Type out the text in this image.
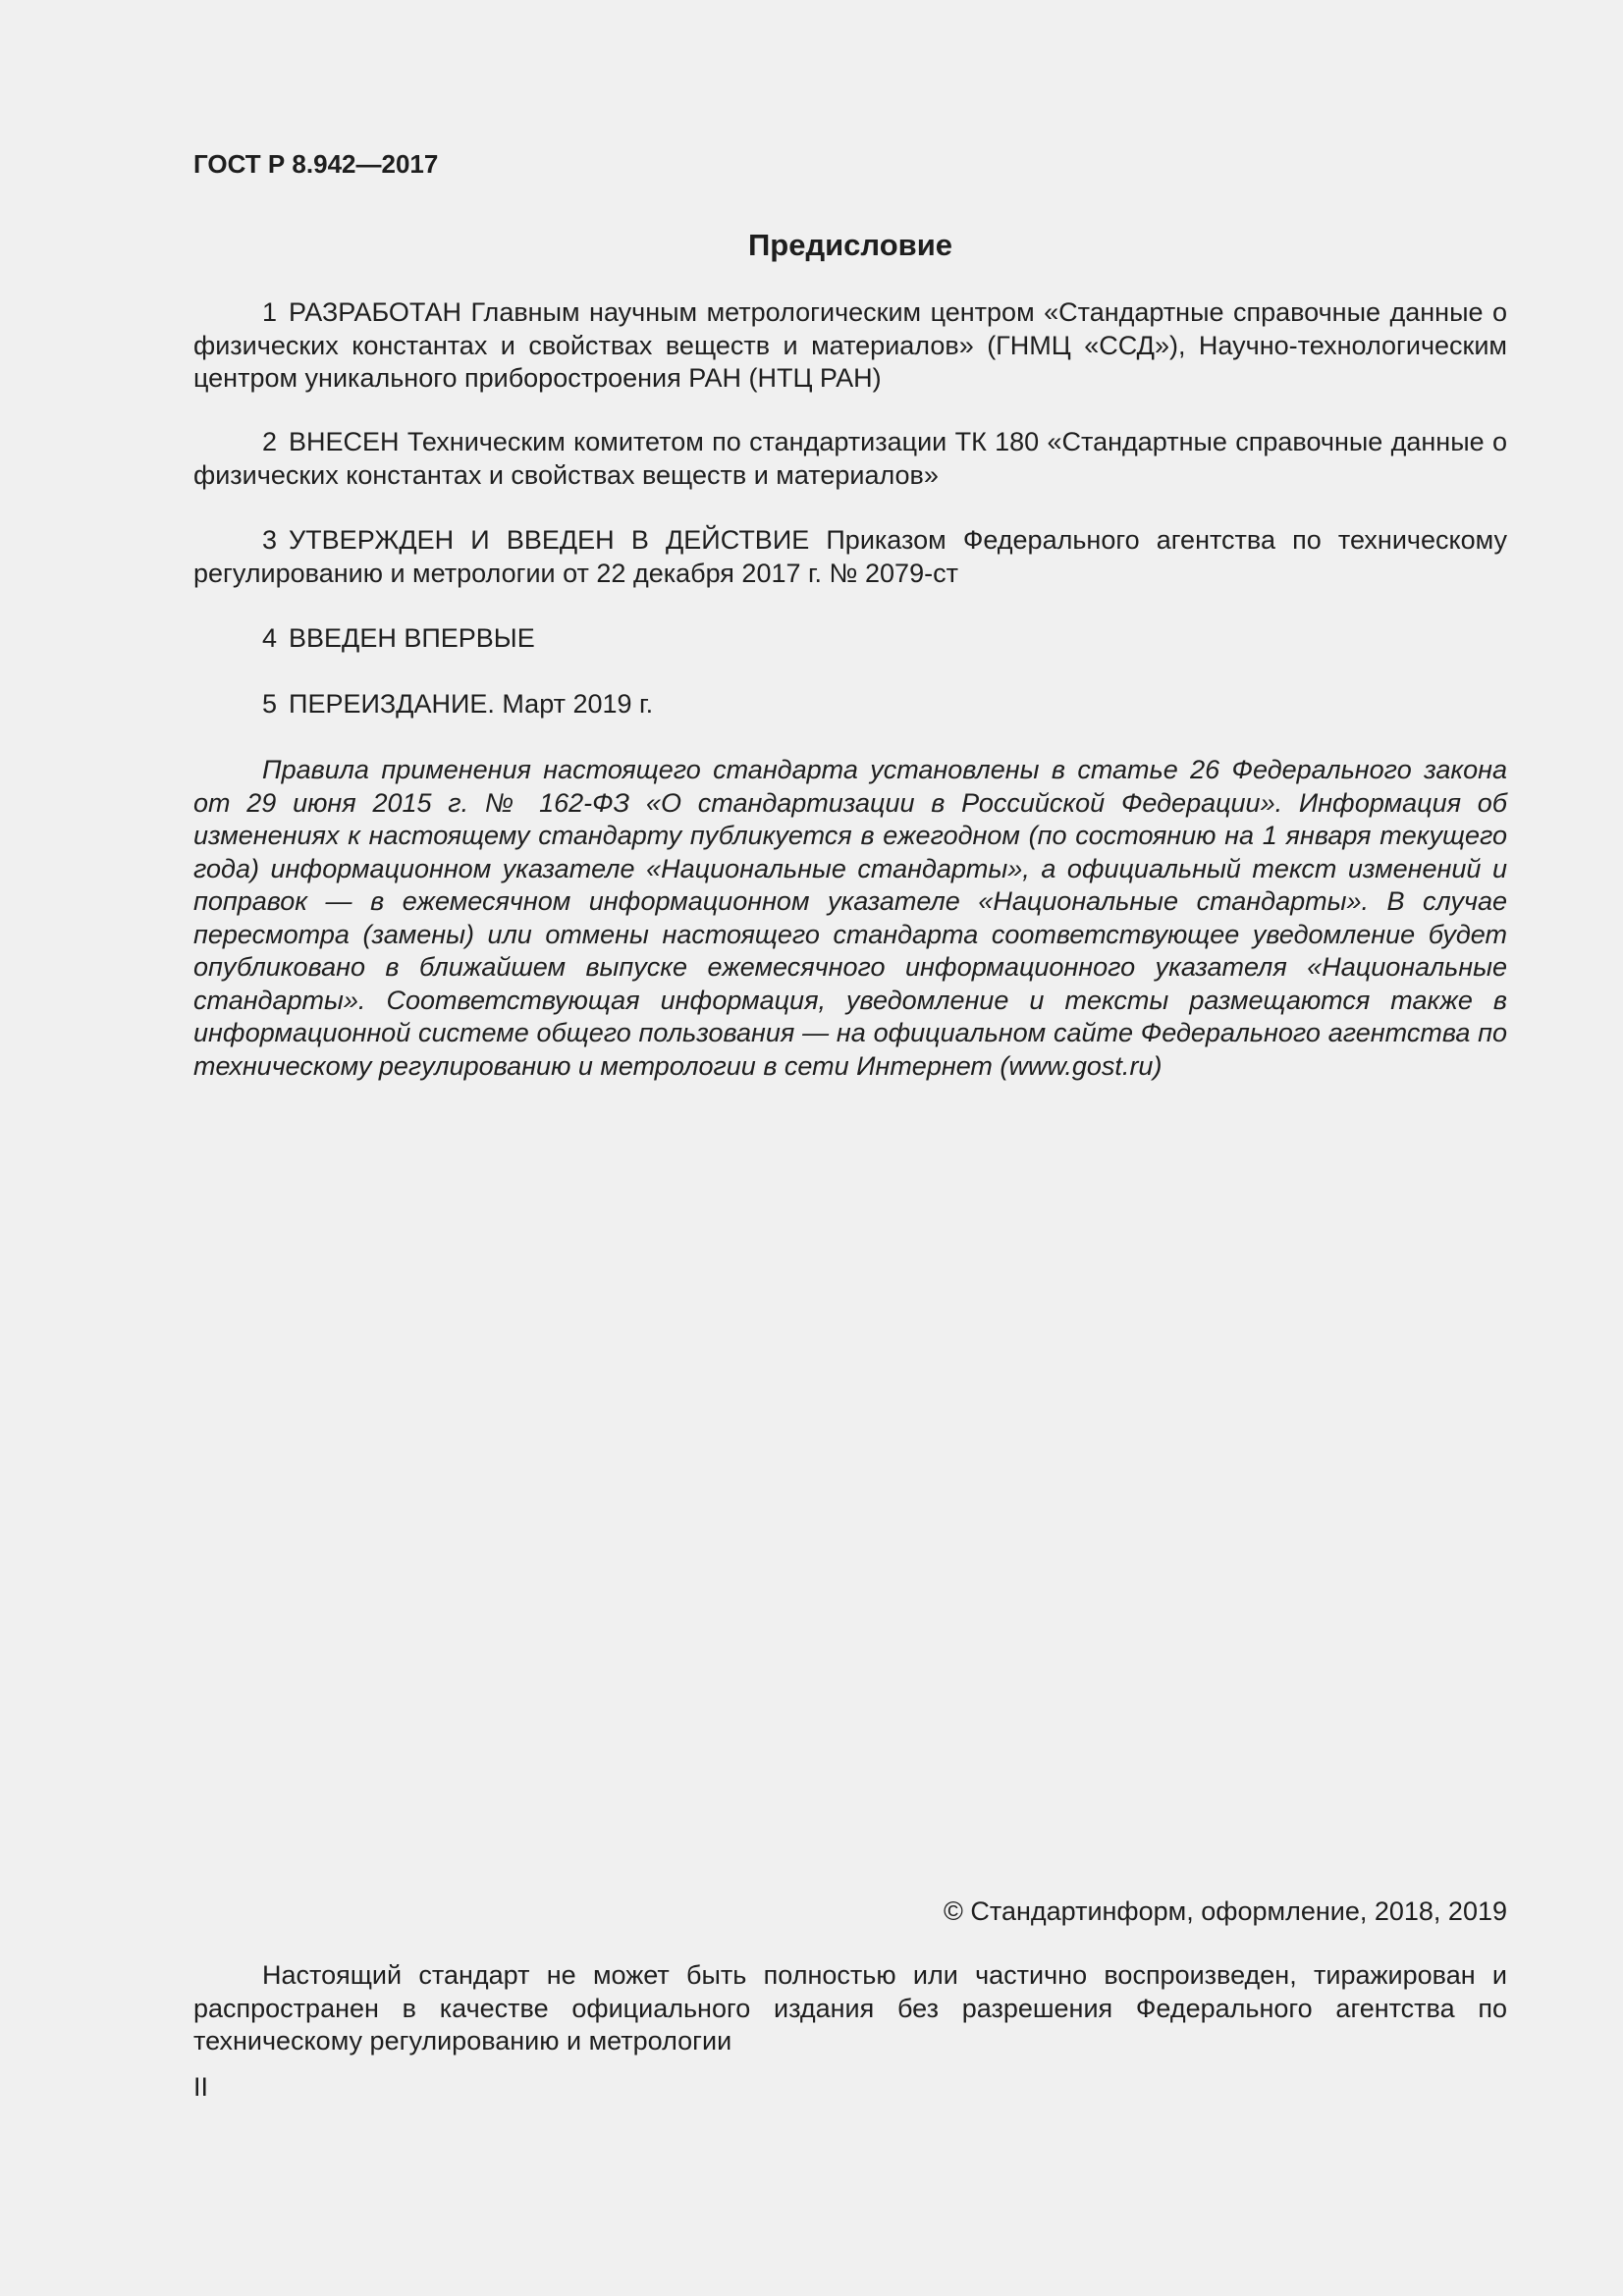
ГОСТ Р 8.942—2017
Предисловие

1 РАЗРАБОТАН Главным научным метрологическим центром «Стандартные справочные данные о физических константах и свойствах веществ и материалов» (ГНМЦ «ССД»), Научно-технологическим центром уникального приборостроения РАН (НТЦ РАН)

2 ВНЕСЕН Техническим комитетом по стандартизации ТК 180 «Стандартные справочные данные о физических константах и свойствах веществ и материалов»

3 УТВЕРЖДЕН И ВВЕДЕН В ДЕЙСТВИЕ Приказом Федерального агентства по техническому регулированию и метрологии от 22 декабря 2017 г. № 2079-ст

4 ВВЕДЕН ВПЕРВЫЕ

5 ПЕРЕИЗДАНИЕ. Март 2019 г.

Правила применения настоящего стандарта установлены в статье 26 Федерального закона от 29 июня 2015 г. № 162-ФЗ «О стандартизации в Российской Федерации». Информация об изменениях к настоящему стандарту публикуется в ежегодном (по состоянию на 1 января текущего года) информационном указателе «Национальные стандарты», а официальный текст изменений и поправок — в ежемесячном информационном указателе «Национальные стандарты». В случае пересмотра (замены) или отмены настоящего стандарта соответствующее уведомление будет опубликовано в ближайшем выпуске ежемесячного информационного указателя «Национальные стандарты». Соответствующая информация, уведомление и тексты размещаются также в информационной системе общего пользования — на официальном сайте Федерального агентства по техническому регулированию и метрологии в сети Интернет (www.gost.ru)

© Стандартинформ, оформление, 2018, 2019

Настоящий стандарт не может быть полностью или частично воспроизведен, тиражирован и распространен в качестве официального издания без разрешения Федерального агентства по техническому регулированию и метрологии

II
